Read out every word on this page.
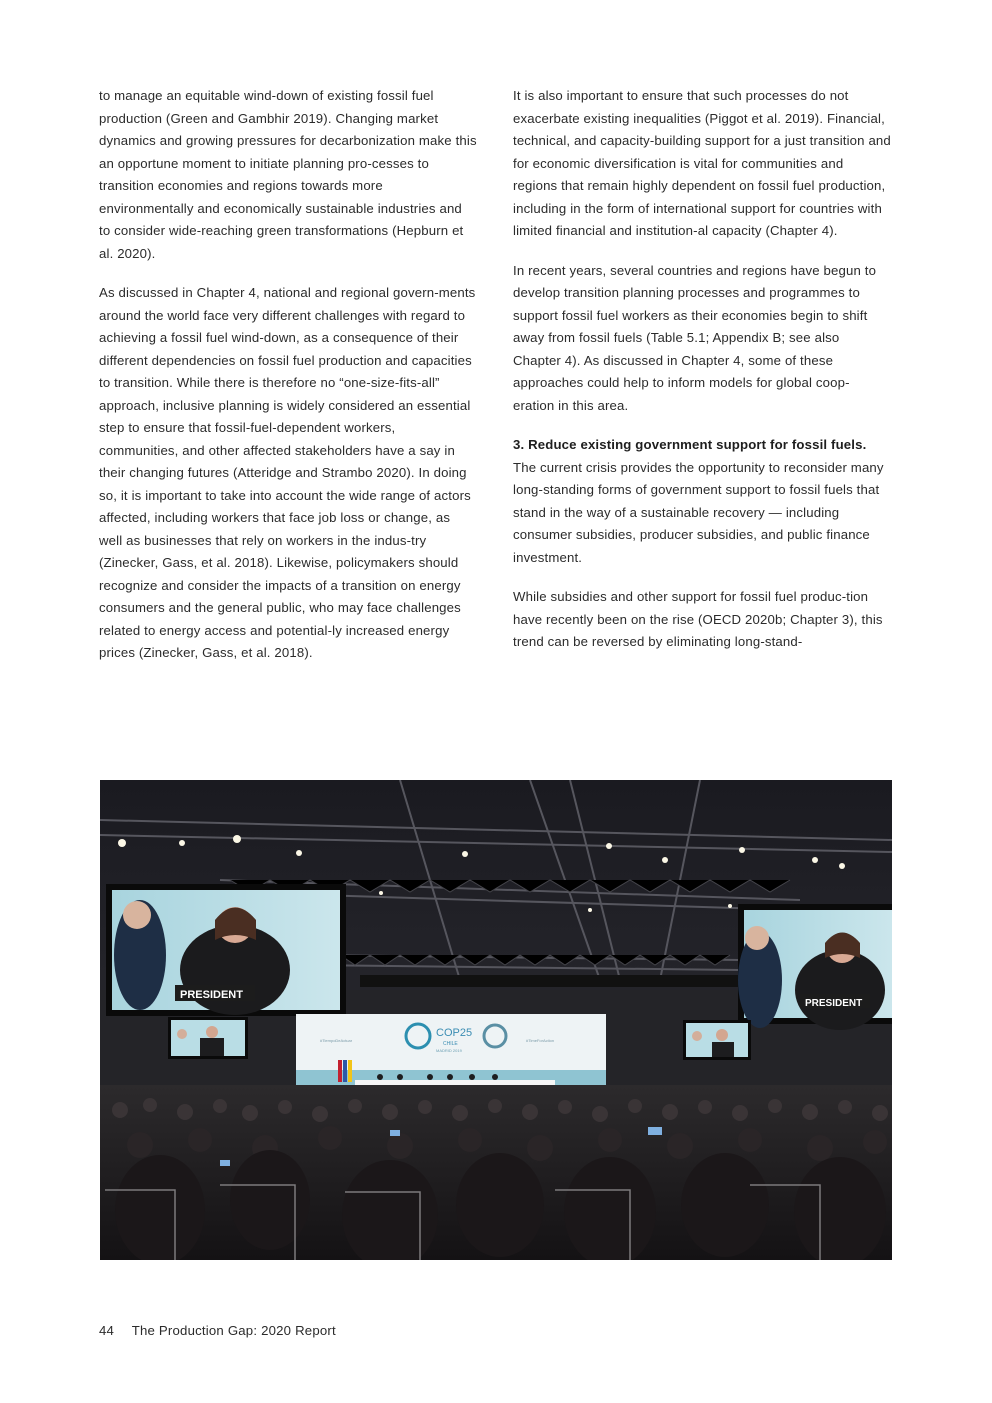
to manage an equitable wind-down of existing fossil fuel production (Green and Gambhir 2019). Changing market dynamics and growing pressures for decarbonization make this an opportune moment to initiate planning pro-cesses to transition economies and regions towards more environmentally and economically sustainable industries and to consider wide-reaching green transformations (Hepburn et al. 2020).

As discussed in Chapter 4, national and regional govern-ments around the world face very different challenges with regard to achieving a fossil fuel wind-down, as a consequence of their different dependencies on fossil fuel production and capacities to transition. While there is therefore no “one-size-fits-all” approach, inclusive planning is widely considered an essential step to ensure that fossil-fuel-dependent workers, communities, and other affected stakeholders have a say in their changing futures (Atteridge and Strambo 2020). In doing so, it is important to take into account the wide range of actors affected, including workers that face job loss or change, as well as businesses that rely on workers in the indus-try (Zinecker, Gass, et al. 2018). Likewise, policymakers should recognize and consider the impacts of a transition on energy consumers and the general public, who may face challenges related to energy access and potential-ly increased energy prices (Zinecker, Gass, et al. 2018).

It is also important to ensure that such processes do not exacerbate existing inequalities (Piggot et al. 2019). Financial, technical, and capacity-building support for a just transition and for economic diversification is vital for communities and regions that remain highly dependent on fossil fuel production, including in the form of international support for countries with limited financial and institution-al capacity (Chapter 4).

In recent years, several countries and regions have begun to develop transition planning processes and programmes to support fossil fuel workers as their economies begin to shift away from fossil fuels (Table 5.1; Appendix B; see also Chapter 4). As discussed in Chapter 4, some of these approaches could help to inform models for global coop-eration in this area.

3. Reduce existing government support for fossil fuels.
The current crisis provides the opportunity to reconsider many long-standing forms of government support to fossil fuels that stand in the way of a sustainable recovery — including consumer subsidies, producer subsidies, and public finance investment.

While subsidies and other support for fossil fuel produc-tion have recently been on the rise (OECD 2020b; Chapter 3), this trend can be reversed by eliminating long-stand-

PRESIDENT
PRESIDENT
COP25
CHILE
MADRID 2019
#TiempoDeActuar	#TimeForAction
44 The Production Gap: 2020 Report
